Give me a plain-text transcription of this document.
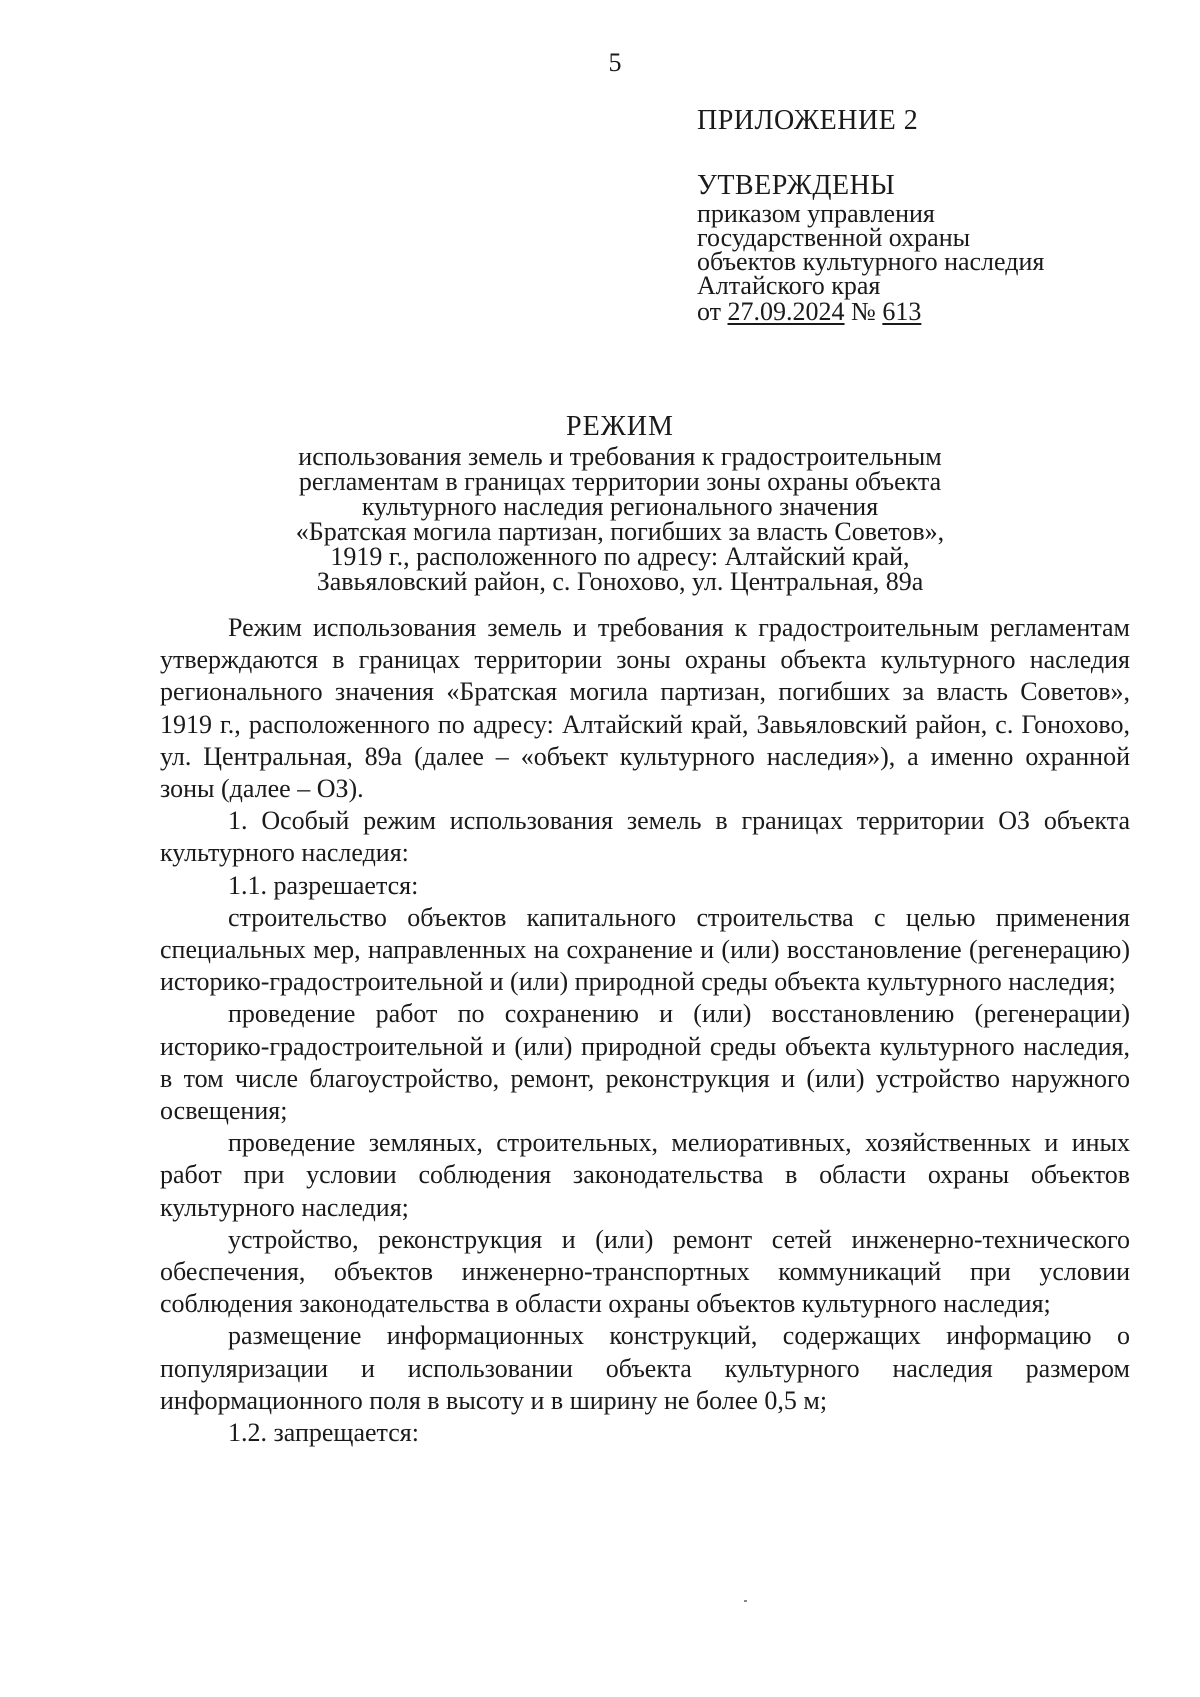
5
ПРИЛОЖЕНИЕ 2
УТВЕРЖДЕНЫ
приказом управления
государственной охраны
объектов культурного наследия
Алтайского края
от 27.09.2024 № 613
РЕЖИМ
использования земель и требования к градостроительным
регламентам в границах территории зоны охраны объекта
культурного наследия регионального значения
«Братская могила партизан, погибших за власть Советов»,
1919 г., расположенного по адресу: Алтайский край,
Завьяловский район, с. Гонохово, ул. Центральная, 89а

Режим использования земель и требования к градостроительным регламентам утверждаются в границах территории зоны охраны объекта культурного наследия регионального значения «Братская могила партизан, погибших за власть Советов», 1919 г., расположенного по адресу: Алтайский край, Завьяловский район, с. Гонохово, ул. Центральная, 89а (далее – «объект культурного наследия»), а именно охранной зоны (далее – ОЗ).

1. Особый режим использования земель в границах территории ОЗ объекта культурного наследия:

1.1. разрешается:

строительство объектов капитального строительства с целью применения специальных мер, направленных на сохранение и (или) восстановление (регенерацию) историко-градостроительной и (или) природной среды объекта культурного наследия;

проведение работ по сохранению и (или) восстановлению (регенерации) историко-градостроительной и (или) природной среды объекта культурного наследия, в том числе благоустройство, ремонт, реконструкция и (или) устройство наружного освещения;

проведение земляных, строительных, мелиоративных, хозяйственных и иных работ при условии соблюдения законодательства в области охраны объектов культурного наследия;

устройство, реконструкция и (или) ремонт сетей инженерно-технического обеспечения, объектов инженерно-транспортных коммуникаций при условии соблюдения законодательства в области охраны объектов культурного наследия;

размещение информационных конструкций, содержащих информацию о популяризации и использовании объекта культурного наследия размером информационного поля в высоту и в ширину не более 0,5 м;

1.2. запрещается:
